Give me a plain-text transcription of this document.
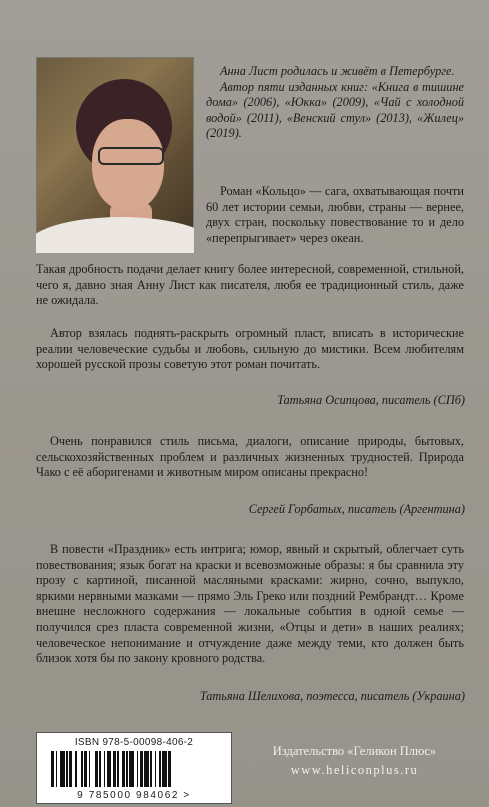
Анна Лист родилась и живёт в Петербурге.

Автор пяти изданных книг: «Книга в тишине дома» (2006), «Юкка» (2009), «Чай с холодной водой» (2011), «Венский стул» (2013), «Жилец» (2019).

Роман «Кольцо» — сага, охватывающая почти 60 лет истории семьи, любви, страны — вернее, двух стран, поскольку повествование то и дело «перепрыгивает» через океан.

Такая дробность подачи делает книгу более интересной, современной, стильной, чего я, давно зная Анну Лист как писателя, любя ее традиционный стиль, даже не ожидала.

Автор взялась поднять-раскрыть огромный пласт, вписать в исторические реалии человеческие судьбы и любовь, сильную до мистики. Всем любителям хорошей русской прозы советую этот роман почитать.

Татьяна Осипцова, писатель (СПб)

Очень понравился стиль письма, диалоги, описание природы, бытовых, сельскохозяйственных проблем и различных жизненных трудностей. Природа Чако с её аборигенами и животным миром описаны прекрасно!

Сергей Горбатых, писатель (Аргентина)

В повести «Праздник» есть интрига; юмор, явный и скрытый, облегчает суть повествования; язык богат на краски и всевозможные образы: я бы сравнила эту прозу с картиной, писанной масляными красками: жирно, сочно, выпукло, яркими нервными мазками — прямо Эль Греко или поздний Рембрандт… Кроме внешне несложного содержания — локальные события в одной семье — получился срез пласта современной жизни, «Отцы и дети» в наших реалиях; человеческое непонимание и отчуждение даже между теми, кто должен быть близок хотя бы по закону кровного родства.

Татьяна Шелихова, поэтесса, писатель (Украина)
ISBN 978-5-00098-406-2
9 785000 984062 >
Издательство «Геликон Плюс»
www.heliconplus.ru
